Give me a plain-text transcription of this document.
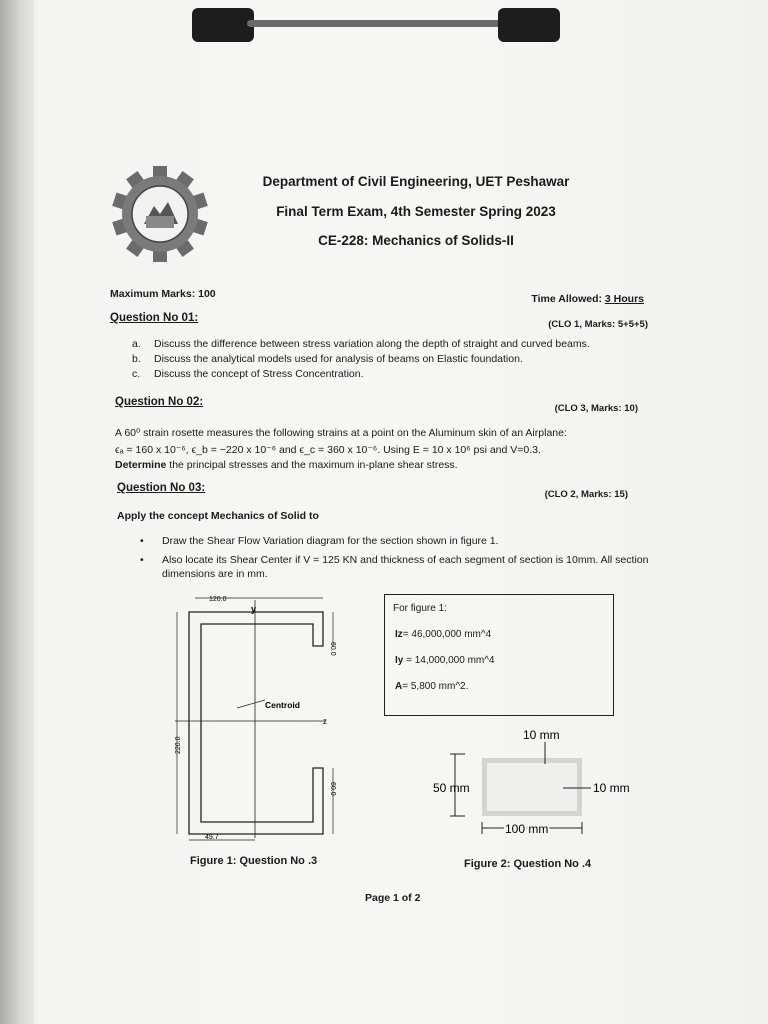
Department of Civil Engineering, UET Peshawar
Final Term Exam, 4th Semester Spring 2023
CE-228: Mechanics of Solids-II
Maximum Marks: 100	Time Allowed: 3 Hours
Question No 01:
(CLO 1, Marks: 5+5+5)
a. Discuss the difference between stress variation along the depth of straight and curved beams.
b. Discuss the analytical models used for analysis of beams on Elastic foundation.
c. Discuss the concept of Stress Concentration.
Question No 02:
(CLO 3, Marks: 10)
A 60⁰ strain rosette measures the following strains at a point on the Aluminum skin of an Airplane:
ϵₐ = 160 x 10⁻⁶, ϵ_b = −220 x 10⁻⁶ and ϵ_c = 360 x 10⁻⁶. Using E = 10 x 10⁶ psi and V=0.3.
Determine the principal stresses and the maximum in-plane shear stress.
Question No 03:
(CLO 2, Marks: 15)
Apply the concept Mechanics of Solid to
• Draw the Shear Flow Variation diagram for the section shown in figure 1.
• Also locate its Shear Center if V = 125 KN and thickness of each segment of section is 10mm. All section dimensions are in mm.
120.0
y
z
Centroid
220.0
60.0
60.0
49.7
Figure 1: Question No .3
For figure 1:
Iz= 46,000,000 mm^4
Iy = 14,000,000 mm^4
A= 5,800 mm^2.
10 mm
50 mm	10 mm
100 mm
Figure 2: Question No .4
Page 1 of 2
